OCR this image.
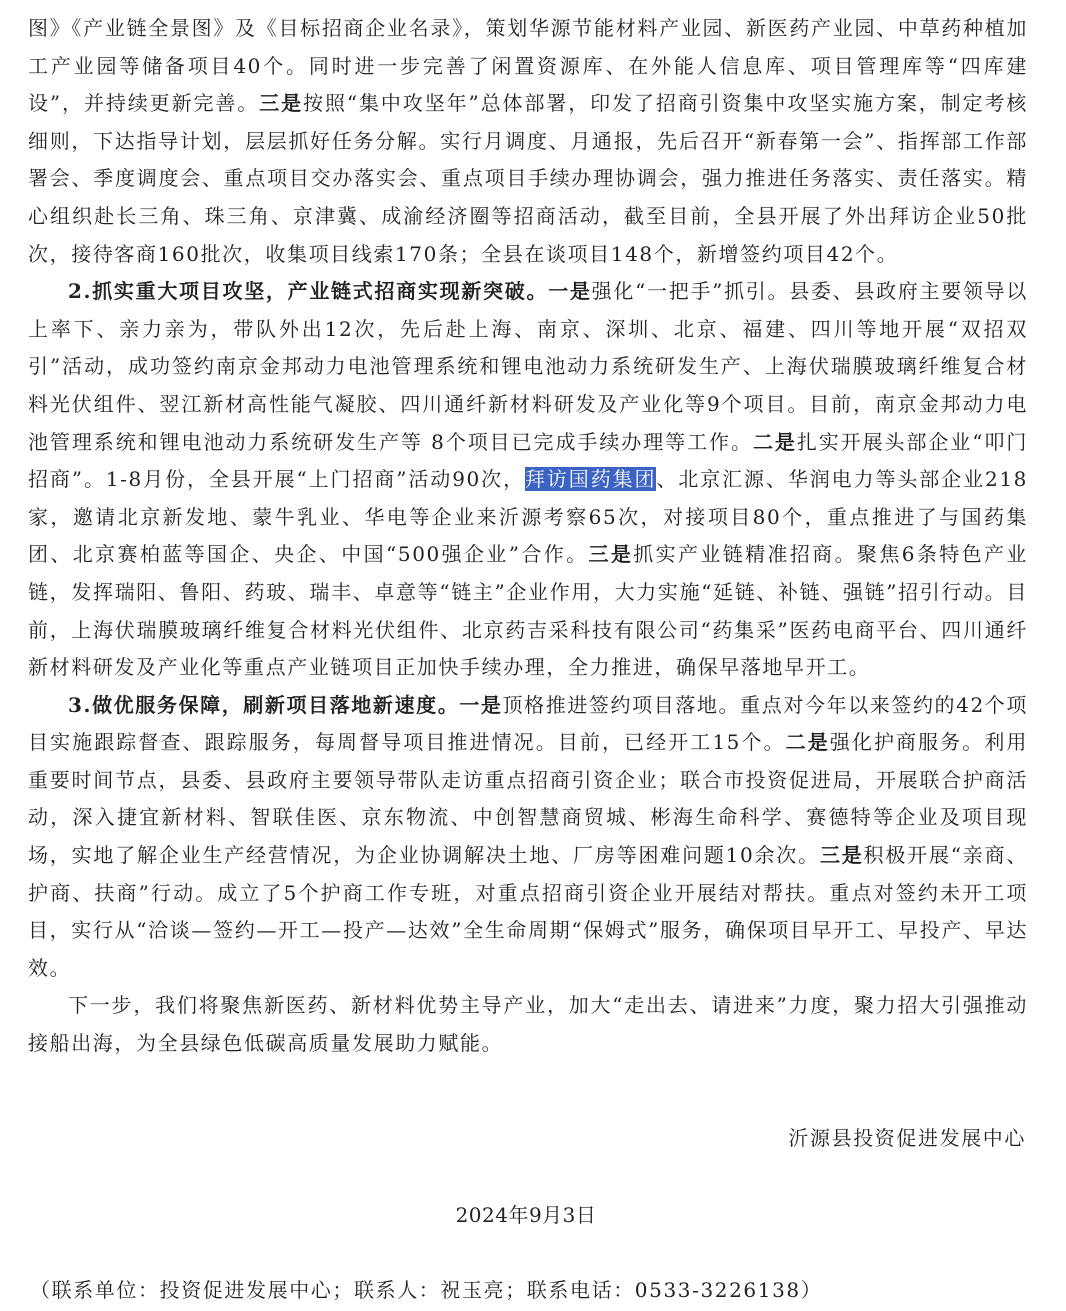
图》《产业链全景图》及《目标招商企业名录》，策划华源节能材料产业园、新医药产业园、中草药种植加工产业园等储备项目40个。同时进一步完善了闲置资源库、在外能人信息库、项目管理库等“四库建设”，并持续更新完善。三是按照“集中攻坚年”总体部署，印发了招商引资集中攻坚实施方案，制定考核细则，下达指导计划，层层抓好任务分解。实行月调度、月通报，先后召开“新春第一会”、指挥部工作部署会、季度调度会、重点项目交办落实会、重点项目手续办理协调会，强力推进任务落实、责任落实。精心组织赴长三角、珠三角、京津冀、成渝经济圈等招商活动，截至目前，全县开展了外出拜访企业50批次，接待客商160批次，收集项目线索170条；全县在谈项目148个，新增签约项目42个。

2.抓实重大项目攻坚，产业链式招商实现新突破。一是强化“一把手”抓引。县委、县政府主要领导以上率下、亲力亲为，带队外出12次，先后赴上海、南京、深圳、北京、福建、四川等地开展“双招双引”活动，成功签约南京金邦动力电池管理系统和锂电池动力系统研发生产、上海伏瑞膜玻璃纤维复合材料光伏组件、翌江新材高性能气凝胶、四川通纤新材料研发及产业化等9个项目。目前，南京金邦动力电池管理系统和锂电池动力系统研发生产等 8个项目已完成手续办理等工作。二是扎实开展头部企业“叩门招商”。1-8月份，全县开展“上门招商”活动90次，拜访国药集团、北京汇源、华润电力等头部企业218家，邀请北京新发地、蒙牛乳业、华电等企业来沂源考察65次，对接项目80个，重点推进了与国药集团、北京赛柏蓝等国企、央企、中国“500强企业”合作。三是抓实产业链精准招商。聚焦6条特色产业链，发挥瑞阳、鲁阳、药玻、瑞丰、卓意等“链主”企业作用，大力实施“延链、补链、强链”招引行动。目前，上海伏瑞膜玻璃纤维复合材料光伏组件、北京药吉采科技有限公司“药集采”医药电商平台、四川通纤新材料研发及产业化等重点产业链项目正加快手续办理，全力推进，确保早落地早开工。

3.做优服务保障，刷新项目落地新速度。一是顶格推进签约项目落地。重点对今年以来签约的42个项目实施跟踪督查、跟踪服务，每周督导项目推进情况。目前，已经开工15个。二是强化护商服务。利用重要时间节点，县委、县政府主要领导带队走访重点招商引资企业；联合市投资促进局，开展联合护商活动，深入捷宜新材料、智联佳医、京东物流、中创智慧商贸城、彬海生命科学、赛德特等企业及项目现场，实地了解企业生产经营情况，为企业协调解决土地、厂房等困难问题10余次。三是积极开展“亲商、护商、扶商”行动。成立了5个护商工作专班，对重点招商引资企业开展结对帮扶。重点对签约未开工项目，实行从“洽谈—签约—开工—投产—达效”全生命周期“保姆式”服务，确保项目早开工、早投产、早达效。

下一步，我们将聚焦新医药、新材料优势主导产业，加大“走出去、请进来”力度，聚力招大引强推动接船出海，为全县绿色低碳高质量发展助力赋能。

沂源县投资促进发展中心
2024年9月3日
（联系单位：投资促进发展中心；联系人：祝玉亮；联系电话：0533-3226138）
